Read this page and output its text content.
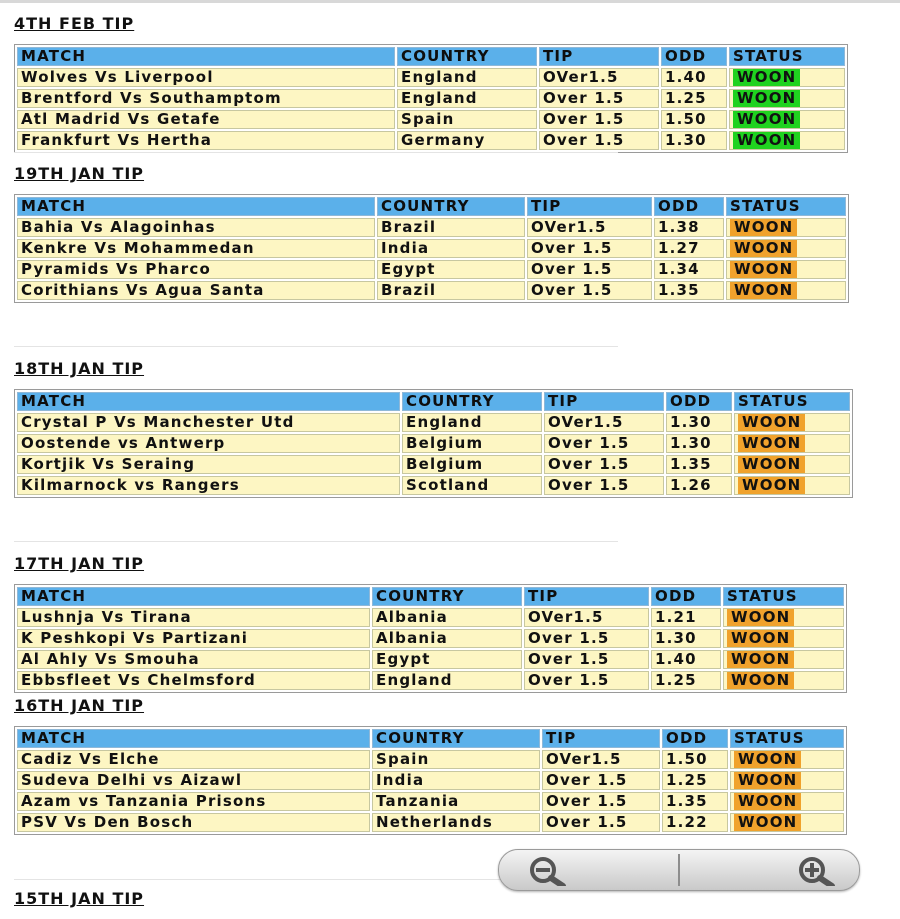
4TH FEB TIP
MATCH	COUNTRY	TIP	ODD	STATUS
Wolves Vs Liverpool	England	OVer1.5	1.40	WOON
Brentford Vs Southamptom	England	Over 1.5	1.25	WOON
Atl Madrid Vs Getafe	Spain	Over 1.5	1.50	WOON
Frankfurt Vs Hertha	Germany	Over 1.5	1.30	WOON
19TH JAN TIP
MATCH	COUNTRY	TIP	ODD	STATUS
Bahia Vs Alagoinhas	Brazil	OVer1.5	1.38	WOON
Kenkre Vs Mohammedan	India	Over 1.5	1.27	WOON
Pyramids Vs Pharco	Egypt	Over 1.5	1.34	WOON
Corithians Vs Agua Santa	Brazil	Over 1.5	1.35	WOON
18TH JAN TIP
MATCH	COUNTRY	TIP	ODD	STATUS
Crystal P Vs Manchester Utd	England	OVer1.5	1.30	WOON
Oostende vs Antwerp	Belgium	Over 1.5	1.30	WOON
Kortjik Vs Seraing	Belgium	Over 1.5	1.35	WOON
Kilmarnock vs Rangers	Scotland	Over 1.5	1.26	WOON
17TH JAN TIP
MATCH	COUNTRY	TIP	ODD	STATUS
Lushnja Vs Tirana	Albania	OVer1.5	1.21	WOON
K Peshkopi Vs Partizani	Albania	Over 1.5	1.30	WOON
Al Ahly Vs Smouha	Egypt	Over 1.5	1.40	WOON
Ebbsfleet Vs Chelmsford	England	Over 1.5	1.25	WOON
16TH JAN TIP
MATCH	COUNTRY	TIP	ODD	STATUS
Cadiz Vs Elche	Spain	OVer1.5	1.50	WOON
Sudeva Delhi vs Aizawl	India	Over 1.5	1.25	WOON
Azam vs Tanzania Prisons	Tanzania	Over 1.5	1.35	WOON
PSV Vs Den Bosch	Netherlands	Over 1.5	1.22	WOON
15TH JAN TIP
